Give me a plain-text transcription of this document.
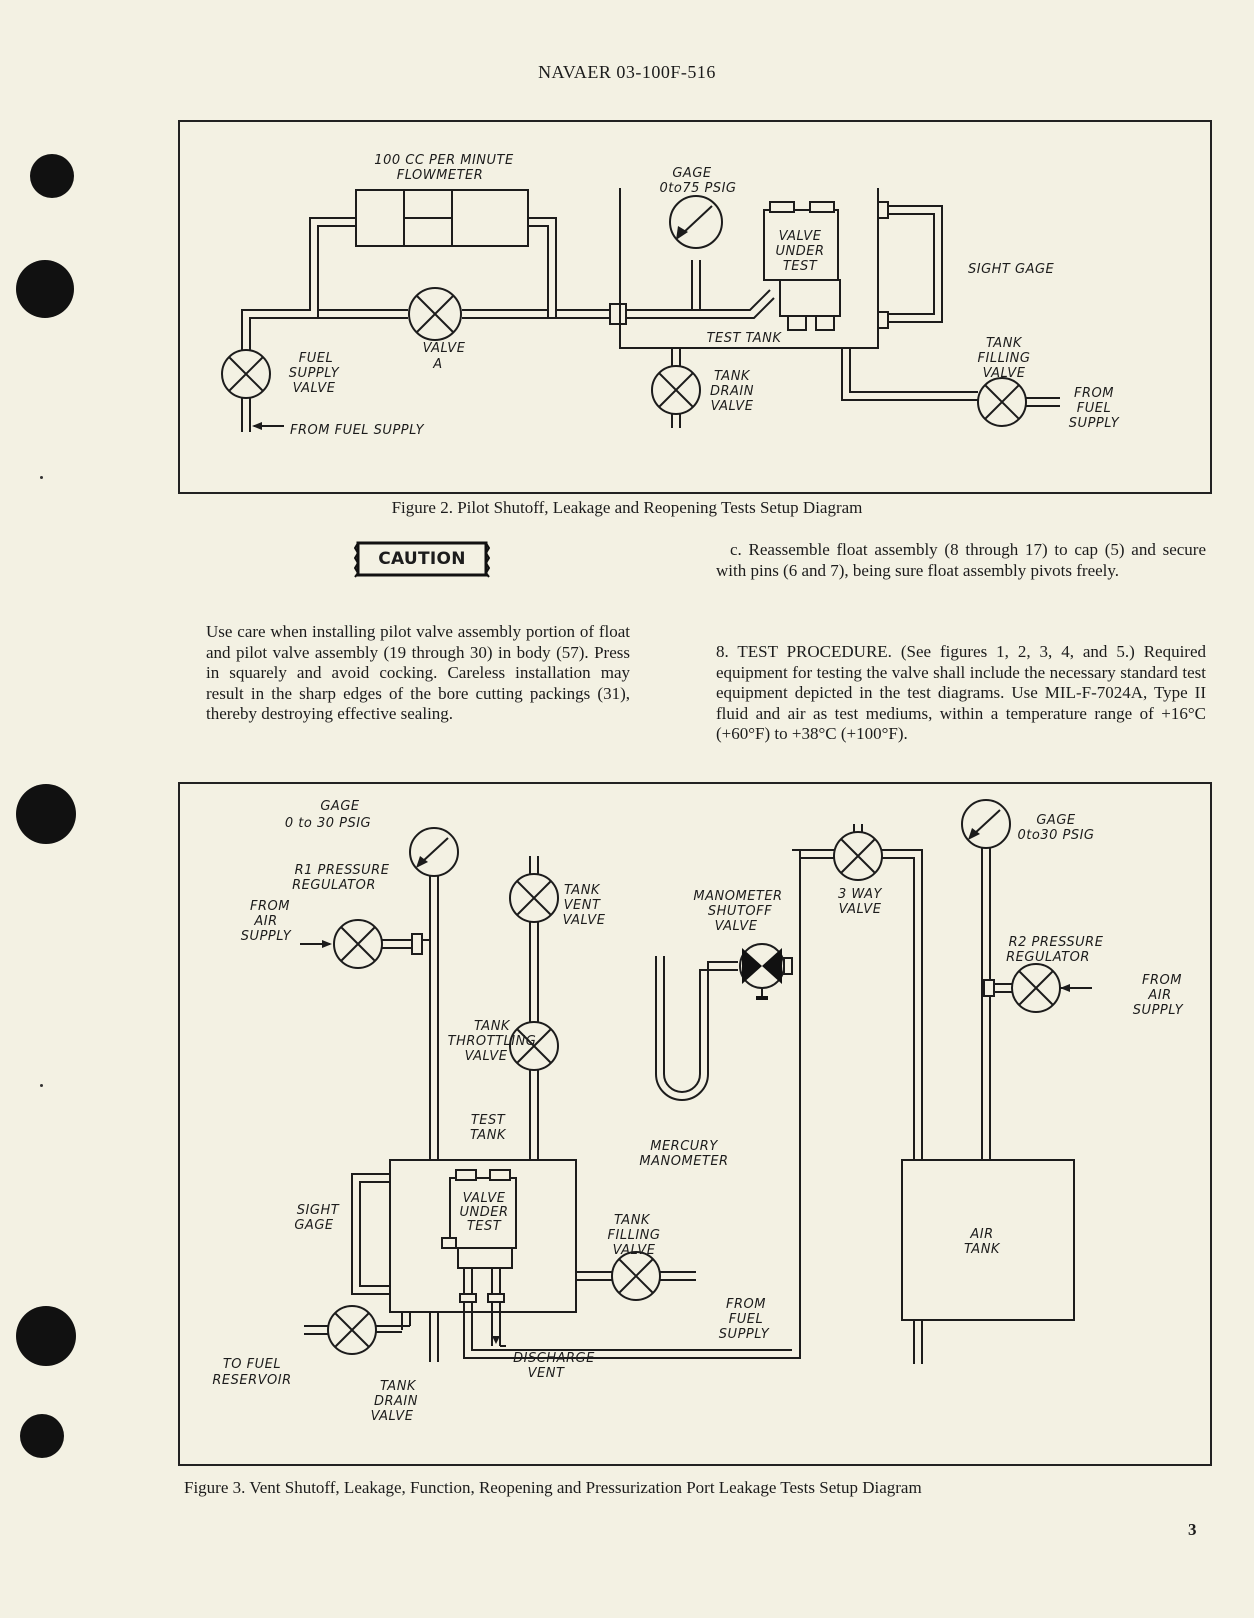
NAVAER 03-100F-516
100 CC PER MINUTE
FLOWMETER	GAGE
0to75 PSIG
VALVE
UNDER
TEST	SIGHT GAGE
TEST TANK
VALVE
A
FUEL
SUPPLY
VALVE
FROM FUEL SUPPLY
TANK
DRAIN
VALVE
TANK
FILLING
VALVE
FROM
FUEL
SUPPLY
Figure 2. Pilot Shutoff, Leakage and Reopening Tests Setup Diagram
CAUTION
Use care when installing pilot valve assembly portion of float and pilot valve assembly (19 through 30) in body (57). Press in squarely and avoid cocking. Careless installation may result in the sharp edges of the bore cutting packings (31), thereby destroying effective sealing.
c. Reassemble float assembly (8 through 17) to cap (5) and secure with pins (6 and 7), being sure float assembly pivots freely.
8. TEST PROCEDURE. (See figures 1, 2, 3, 4, and 5.) Required equipment for testing the valve shall include the necessary standard test equipment depicted in the test diagrams. Use MIL-F-7024A, Type II fluid and air as test mediums, within a temperature range of +16°C (+60°F) to +38°C (+100°F).
GAGE
0 to 30 PSIG
R1 PRESSURE
REGULATOR
FROM
AIR
SUPPLY
TANK
VENT
VALVE
TANK
THROTTLING
VALVE
TEST
TANK
VALVE
UNDER
TEST
SIGHT
GAGE	TANK
FILLING
VALVE
FROM
FUEL
SUPPLY
TO FUEL
RESERVOIR	TANK
DRAIN
VALVE
DISCHARGE
VENT
MANOMETER
SHUTOFF
VALVE
MERCURY
MANOMETER
3 WAY
VALVE
GAGE
0to30 PSIG
R2 PRESSURE
REGULATOR
FROM
AIR
SUPPLY
AIR
TANK
Figure 3. Vent Shutoff, Leakage, Function, Reopening and Pressurization Port Leakage Tests Setup Diagram
3
